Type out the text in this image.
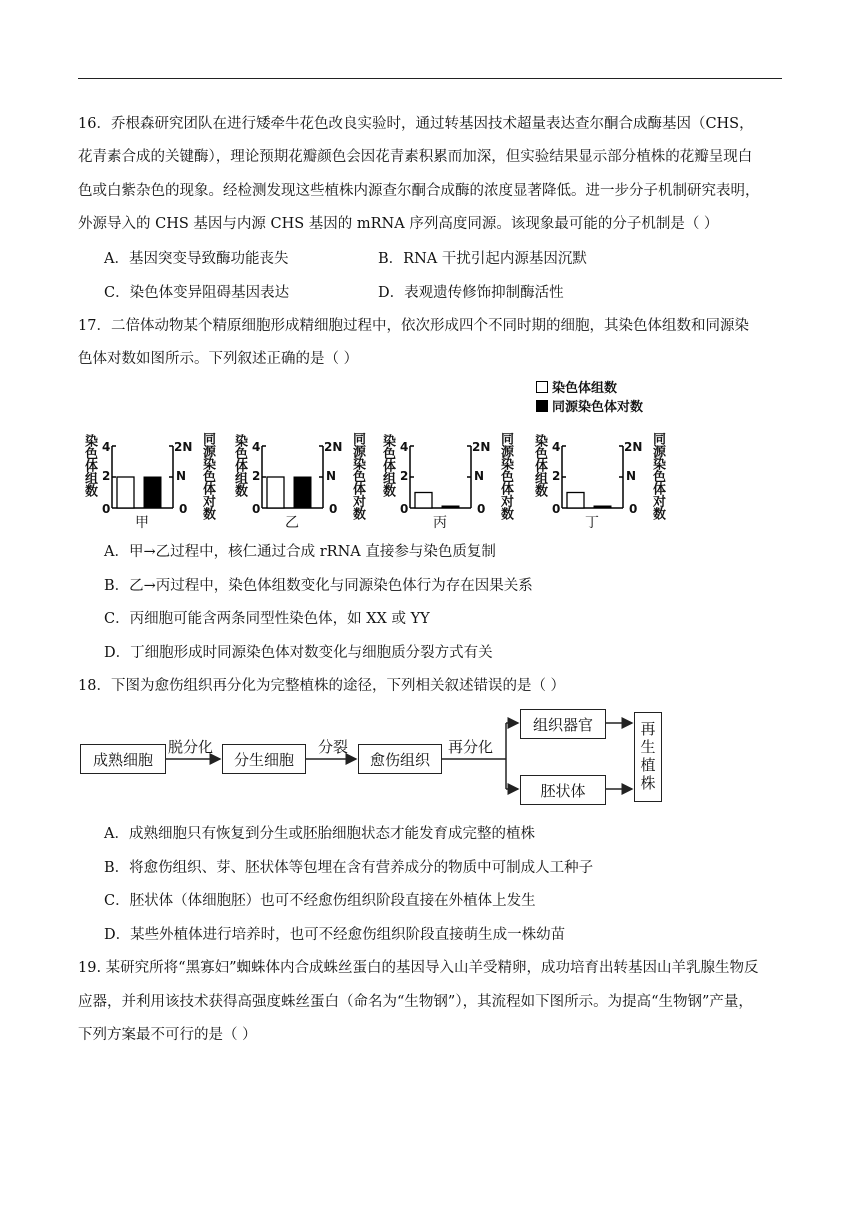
16．乔根森研究团队在进行矮牵牛花色改良实验时，通过转基因技术超量表达查尔酮合成酶基因（CHS，
花青素合成的关键酶），理论预期花瓣颜色会因花青素积累而加深，但实验结果显示部分植株的花瓣呈现白
色或白紫杂色的现象。经检测发现这些植株内源查尔酮合成酶的浓度显著降低。进一步分子机制研究表明，
外源导入的 CHS 基因与内源 CHS 基因的 mRNA 序列高度同源。该现象最可能的分子机制是（ ）
A．基因突变导致酶功能丧失	B．RNA 干扰引起内源基因沉默
C．染色体变异阻碍基因表达	D．表观遗传修饰抑制酶活性
17．二倍体动物某个精原细胞形成精细胞过程中，依次形成四个不同时期的细胞，其染色体组数和同源染
色体对数如图所示。下列叙述正确的是（ ）
染色体组数
同源染色体对数
染色体组数	同源染色体对数
4
2
0
2N
N
0
甲
染色体组数	同源染色体对数
4
2
0
2N
N
0
乙
染色体组数	同源染色体对数
4
2
0
2N
N
0
丙
染色体组数	同源染色体对数
4
2
0
2N
N
0
丁
A．甲→乙过程中，核仁通过合成 rRNA 直接参与染色质复制
B．乙→丙过程中，染色体组数变化与同源染色体行为存在因果关系
C．丙细胞可能含两条同型性染色体，如 XX 或 YY
D．丁细胞形成时同源染色体对数变化与细胞质分裂方式有关
18．下图为愈伤组织再分化为完整植株的途径，下列相关叙述错误的是（ ）
成熟细胞
脱分化
分生细胞
分裂
愈伤组织
再分化
组织器官
胚状体	再生植株
A．成熟细胞只有恢复到分生或胚胎细胞状态才能发育成完整的植株
B．将愈伤组织、芽、胚状体等包埋在含有营养成分的物质中可制成人工种子
C．胚状体（体细胞胚）也可不经愈伤组织阶段直接在外植体上发生
D．某些外植体进行培养时，也可不经愈伤组织阶段直接萌生成一株幼苗
19. 某研究所将“黑寡妇”蜘蛛体内合成蛛丝蛋白的基因导入山羊受精卵，成功培育出转基因山羊乳腺生物反
应器，并利用该技术获得高强度蛛丝蛋白（命名为“生物钢”），其流程如下图所示。为提高“生物钢”产量，
下列方案最不可行的是（ ）
